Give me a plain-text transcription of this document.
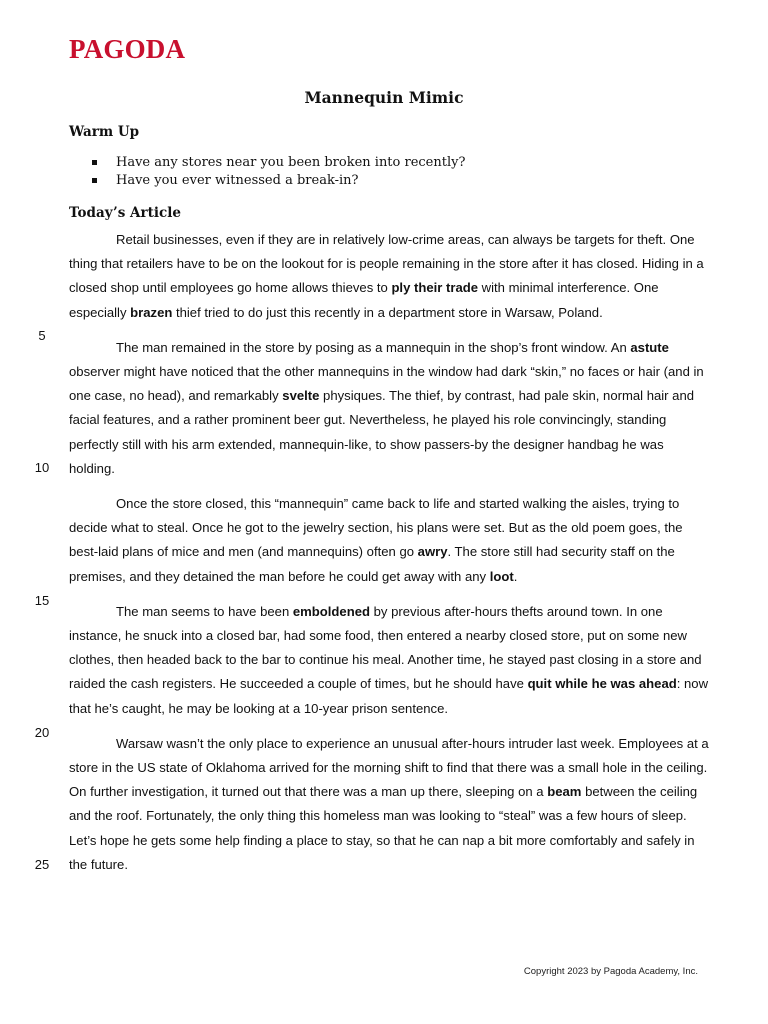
PAGODA
Mannequin Mimic
Warm Up
Have any stores near you been broken into recently?
Have you ever witnessed a break-in?
Today’s Article

Retail businesses, even if they are in relatively low-crime areas, can always be targets for theft. One thing that retailers have to be on the lookout for is people remaining in the store after it has closed. Hiding in a closed shop until employees go home allows thieves to ply their trade with minimal interference. One especially brazen thief tried to do just this recently in a department store in Warsaw, Poland.

The man remained in the store by posing as a mannequin in the shop’s front window. An astute observer might have noticed that the other mannequins in the window had dark “skin,” no faces or hair (and in one case, no head), and remarkably svelte physiques. The thief, by contrast, had pale skin, normal hair and facial features, and a rather prominent beer gut. Nevertheless, he played his role convincingly, standing perfectly still with his arm extended, mannequin-like, to show passers-by the designer handbag he was holding.

Once the store closed, this “mannequin” came back to life and started walking the aisles, trying to decide what to steal. Once he got to the jewelry section, his plans were set. But as the old poem goes, the best-laid plans of mice and men (and mannequins) often go awry. The store still had security staff on the premises, and they detained the man before he could get away with any loot.

The man seems to have been emboldened by previous after-hours thefts around town. In one instance, he snuck into a closed bar, had some food, then entered a nearby closed store, put on some new clothes, then headed back to the bar to continue his meal. Another time, he stayed past closing in a store and raided the cash registers. He succeeded a couple of times, but he should have quit while he was ahead: now that he’s caught, he may be looking at a 10-year prison sentence.

Warsaw wasn’t the only place to experience an unusual after-hours intruder last week. Employees at a store in the US state of Oklahoma arrived for the morning shift to find that there was a small hole in the ceiling. On further investigation, it turned out that there was a man up there, sleeping on a beam between the ceiling and the roof. Fortunately, the only thing this homeless man was looking to “steal” was a few hours of sleep. Let’s hope he gets some help finding a place to stay, so that he can nap a bit more comfortably and safely in the future.

5
10
15
20
25
Copyright 2023 by Pagoda Academy, Inc.
